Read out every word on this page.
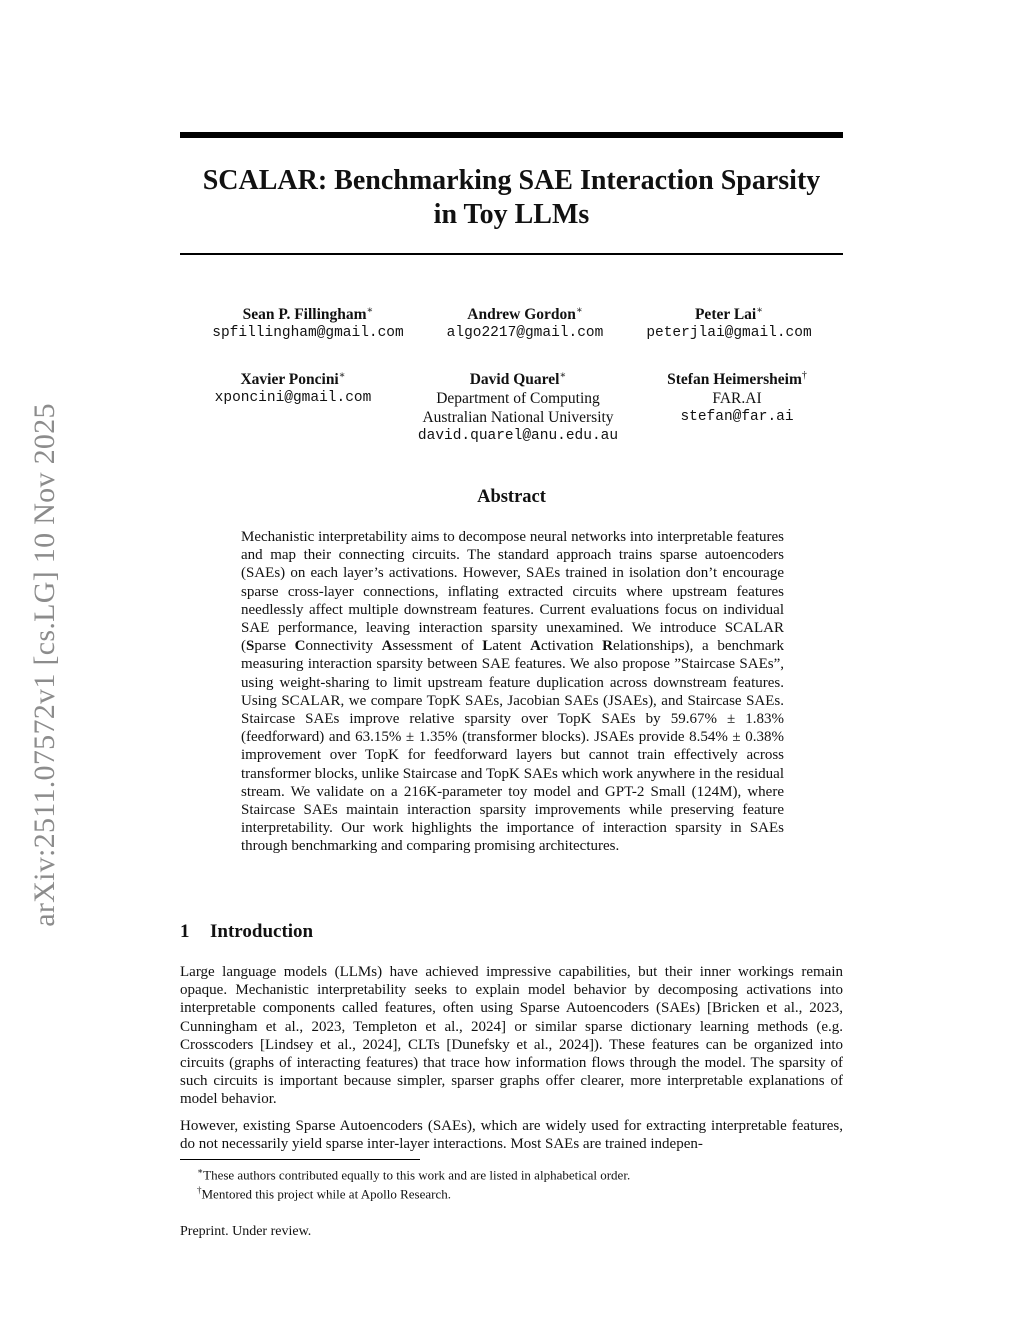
arXiv:2511.07572v1 [cs.LG] 10 Nov 2025
SCALAR: Benchmarking SAE Interaction Sparsity
in Toy LLMs
Sean P. Fillingham∗
spfillingham@gmail.com
Andrew Gordon∗
algo2217@gmail.com
Peter Lai∗
peterjlai@gmail.com
Xavier Poncini∗
xponcini@gmail.com
David Quarel∗
Department of Computing
Australian National University
david.quarel@anu.edu.au
Stefan Heimersheim†
FAR.AI
stefan@far.ai
Abstract
Mechanistic interpretability aims to decompose neural networks into interpretable features and map their connecting circuits. The standard approach trains sparse autoencoders (SAEs) on each layer’s activations. However, SAEs trained in isolation don’t encourage sparse cross-layer connections, inflating extracted circuits where upstream features needlessly affect multiple downstream features. Current evaluations focus on individual SAE performance, leaving interaction sparsity unexamined. We introduce SCALAR (Sparse Connectivity Assessment of Latent Activation Relationships), a benchmark measuring interaction sparsity between SAE features. We also propose ”Staircase SAEs”, using weight-sharing to limit upstream feature duplication across downstream features. Using SCALAR, we compare TopK SAEs, Jacobian SAEs (JSAEs), and Staircase SAEs. Staircase SAEs improve relative sparsity over TopK SAEs by 59.67% ± 1.83% (feedforward) and 63.15% ± 1.35% (transformer blocks). JSAEs provide 8.54% ± 0.38% improvement over TopK for feedforward layers but cannot train effectively across transformer blocks, unlike Staircase and TopK SAEs which work anywhere in the residual stream. We validate on a 216K-parameter toy model and GPT-2 Small (124M), where Staircase SAEs maintain interaction sparsity improvements while preserving feature interpretability. Our work highlights the importance of interaction sparsity in SAEs through benchmarking and comparing promising architectures.
1 Introduction
Large language models (LLMs) have achieved impressive capabilities, but their inner workings remain opaque. Mechanistic interpretability seeks to explain model behavior by decomposing activations into interpretable components called features, often using Sparse Autoencoders (SAEs) [Bricken et al., 2023, Cunningham et al., 2023, Templeton et al., 2024] or similar sparse dictionary learning methods (e.g. Crosscoders [Lindsey et al., 2024], CLTs [Dunefsky et al., 2024]). These features can be organized into circuits (graphs of interacting features) that trace how information flows through the model. The sparsity of such circuits is important because simpler, sparser graphs offer clearer, more interpretable explanations of model behavior.
However, existing Sparse Autoencoders (SAEs), which are widely used for extracting interpretable features, do not necessarily yield sparse inter-layer interactions. Most SAEs are trained indepen-
∗These authors contributed equally to this work and are listed in alphabetical order.
†Mentored this project while at Apollo Research.
Preprint. Under review.
